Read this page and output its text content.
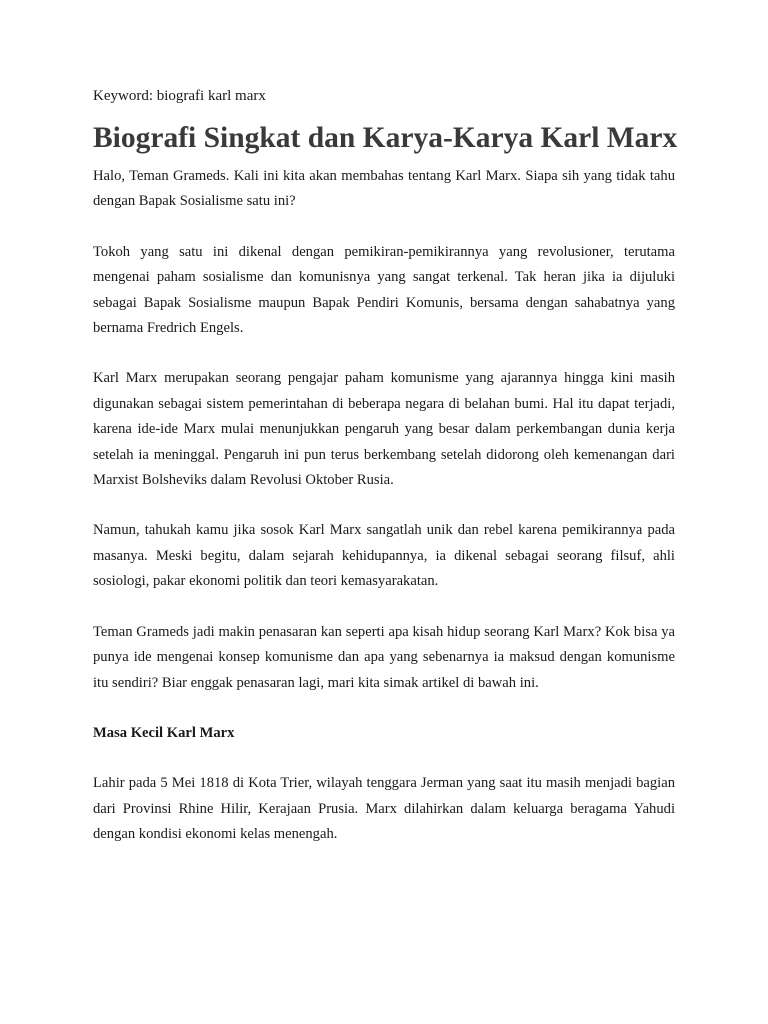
Keyword: biografi karl marx

Biografi Singkat dan Karya-Karya Karl Marx

Halo, Teman Grameds. Kali ini kita akan membahas tentang Karl Marx. Siapa sih yang tidak tahu dengan Bapak Sosialisme satu ini?

Tokoh yang satu ini dikenal dengan pemikiran-pemikirannya yang revolusioner, terutama mengenai paham sosialisme dan komunisnya yang sangat terkenal. Tak heran jika ia dijuluki sebagai Bapak Sosialisme maupun Bapak Pendiri Komunis, bersama dengan sahabatnya yang bernama Fredrich Engels.

Karl Marx merupakan seorang pengajar paham komunisme yang ajarannya hingga kini masih digunakan sebagai sistem pemerintahan di beberapa negara di belahan bumi. Hal itu dapat terjadi, karena ide-ide Marx mulai menunjukkan pengaruh yang besar dalam perkembangan dunia kerja setelah ia meninggal. Pengaruh ini pun terus berkembang setelah didorong oleh kemenangan dari Marxist Bolsheviks dalam Revolusi Oktober Rusia.

Namun, tahukah kamu jika sosok Karl Marx sangatlah unik dan rebel karena pemikirannya pada masanya. Meski begitu, dalam sejarah kehidupannya, ia dikenal sebagai seorang filsuf, ahli sosiologi, pakar ekonomi politik dan teori kemasyarakatan.

Teman Grameds jadi makin penasaran kan seperti apa kisah hidup seorang Karl Marx? Kok bisa ya punya ide mengenai konsep komunisme dan apa yang sebenarnya ia maksud dengan komunisme itu sendiri? Biar enggak penasaran lagi, mari kita simak artikel di bawah ini.

Masa Kecil Karl Marx

Lahir pada 5 Mei 1818 di Kota Trier, wilayah tenggara Jerman yang saat itu masih menjadi bagian dari Provinsi Rhine Hilir, Kerajaan Prusia. Marx dilahirkan dalam keluarga beragama Yahudi dengan kondisi ekonomi kelas menengah.
